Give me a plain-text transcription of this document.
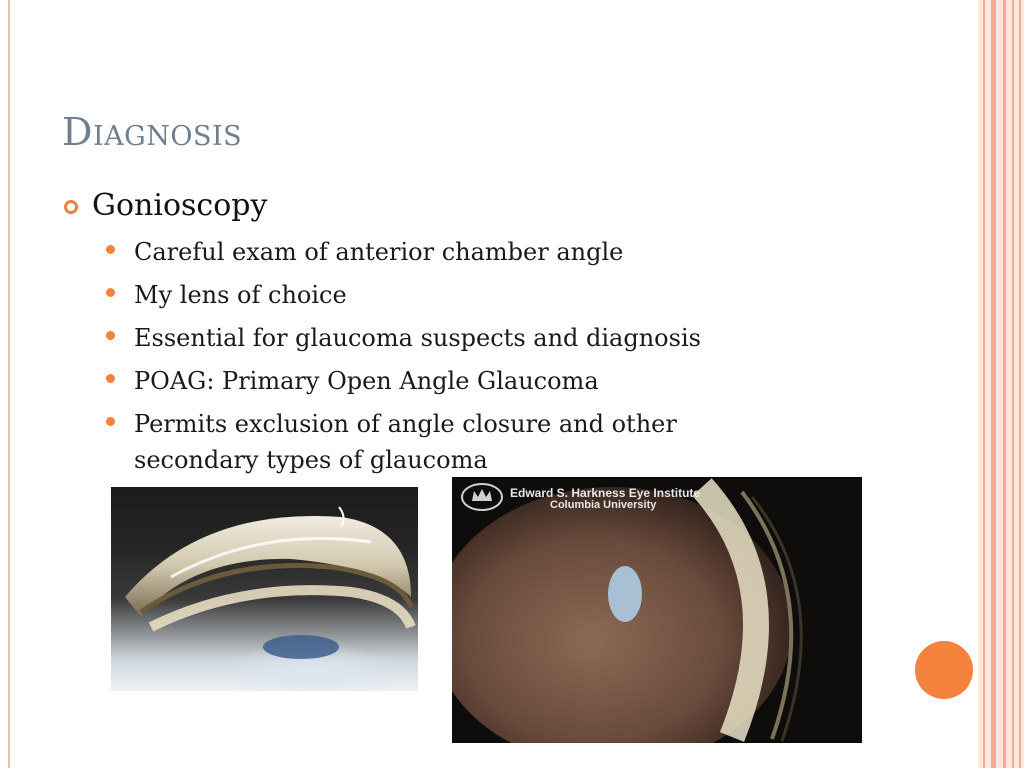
Diagnosis
Gonioscopy
Careful exam of anterior chamber angle
My lens of choice
Essential for glaucoma suspects and diagnosis
POAG: Primary Open Angle Glaucoma
Permits exclusion of angle closure and other
secondary types of glaucoma
Edward S. Harkness Eye Institute
Columbia University
